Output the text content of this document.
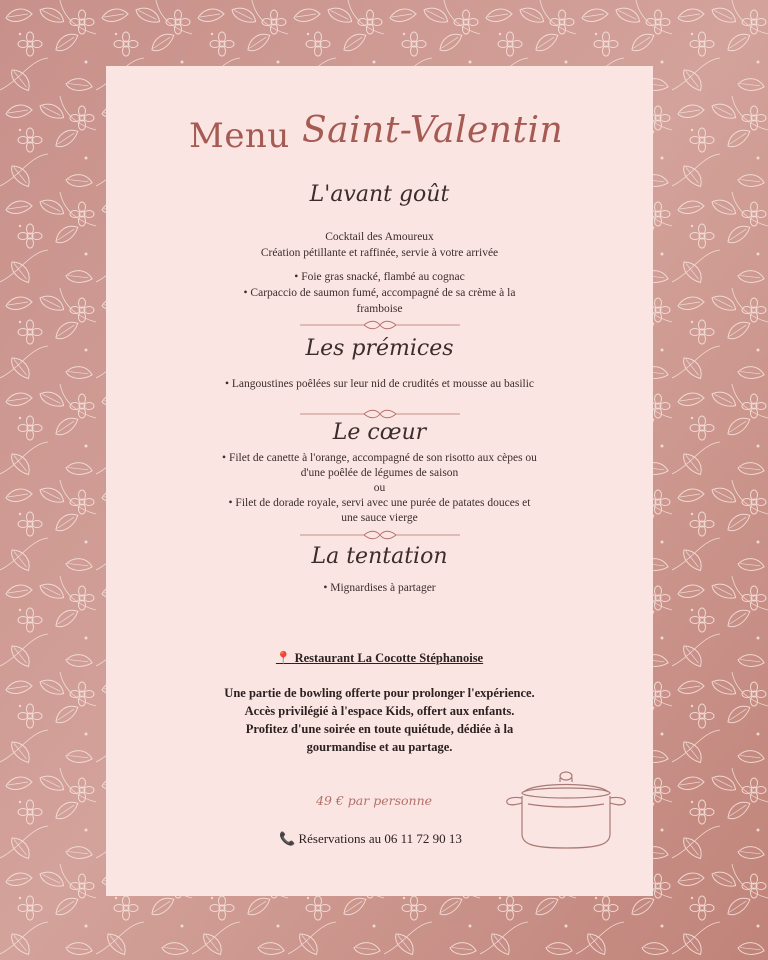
Menu Saint-Valentin
L'avant goût
Cocktail des Amoureux
Création pétillante et raffinée, servie à votre arrivée
• Foie gras snacké, flambé au cognac
• Carpaccio de saumon fumé, accompagné de sa crème à la
framboise
Les prémices
• Langoustines poêlées sur leur nid de crudités et mousse au basilic
Le cœur
• Filet de canette à l'orange, accompagné de son risotto aux cèpes ou
d'une poêlée de légumes de saison
ou
• Filet de dorade royale, servi avec une purée de patates douces et
une sauce vierge
La tentation
• Mignardises à partager
📍 Restaurant La Cocotte Stéphanoise
Une partie de bowling offerte pour prolonger l'expérience.
Accès privilégié à l'espace Kids, offert aux enfants.
Profitez d'une soirée en toute quiétude, dédiée à la
gourmandise et au partage.
49 € par personne
📞 Réservations au 06 11 72 90 13
